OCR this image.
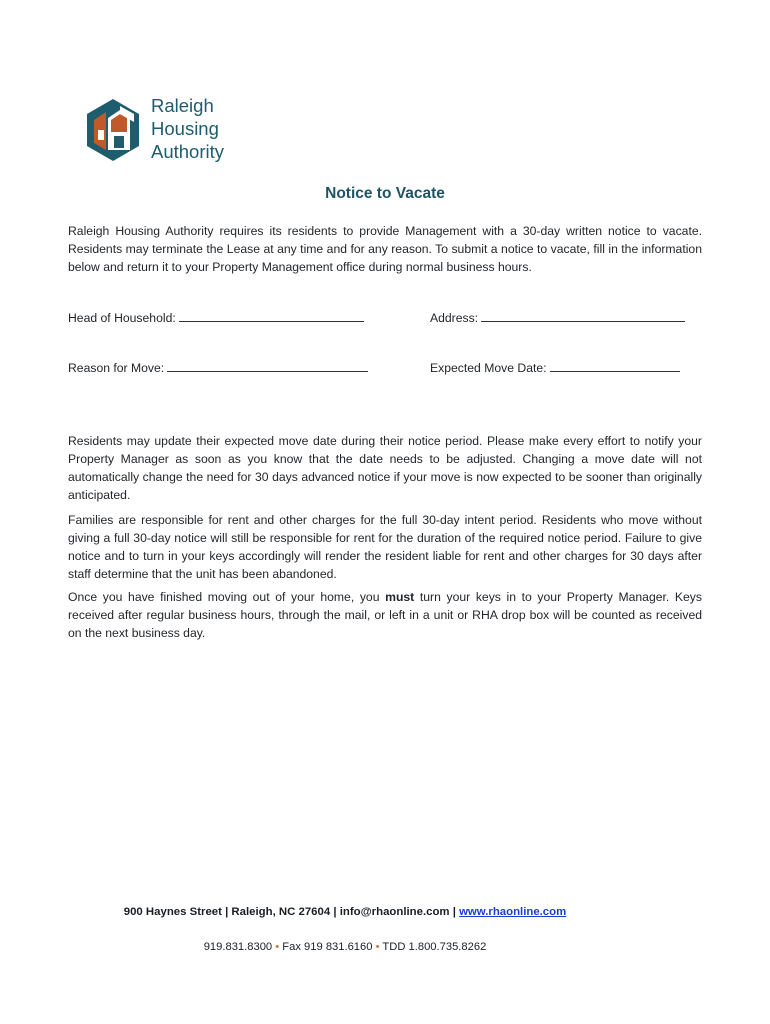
Raleigh
Housing
Authority
Notice to Vacate
Raleigh Housing Authority requires its residents to provide Management with a 30-day written notice to vacate. Residents may terminate the Lease at any time and for any reason. To submit a notice to vacate, fill in the information below and return it to your Property Management office during normal business hours.
Head of Household:	Address:
Reason for Move:	Expected Move Date:
Residents may update their expected move date during their notice period. Please make every effort to notify your Property Manager as soon as you know that the date needs to be adjusted. Changing a move date will not automatically change the need for 30 days advanced notice if your move is now expected to be sooner than originally anticipated.
Families are responsible for rent and other charges for the full 30-day intent period. Residents who move without giving a full 30-day notice will still be responsible for rent for the duration of the required notice period. Failure to give notice and to turn in your keys accordingly will render the resident liable for rent and other charges for 30 days after staff determine that the unit has been abandoned.
Once you have finished moving out of your home, you must turn your keys in to your Property Manager. Keys received after regular business hours, through the mail, or left in a unit or RHA drop box will be counted as received on the next business day.
900 Haynes Street | Raleigh, NC 27604 | info@rhaonline.com | www.rhaonline.com
919.831.8300 • Fax 919 831.6160 • TDD 1.800.735.8262
